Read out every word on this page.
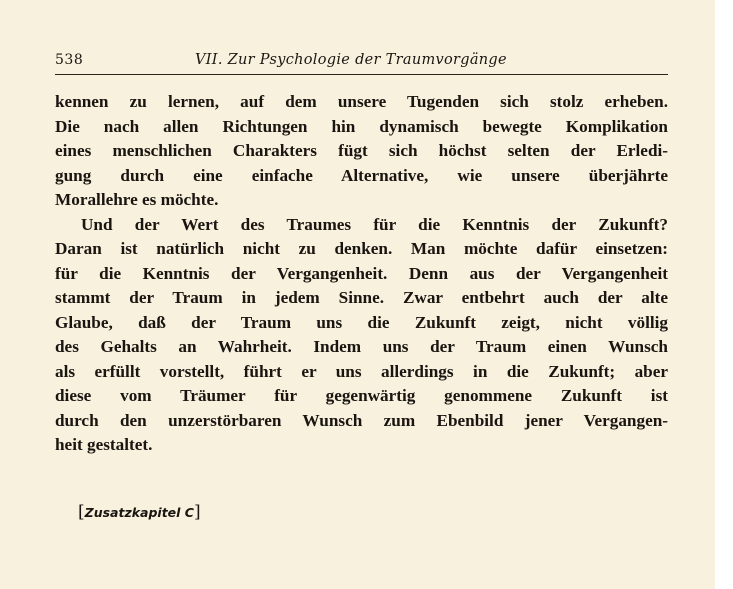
538	VII. Zur Psychologie der Traumvorgänge
kennen zu lernen, auf dem unsere Tugenden sich stolz erheben.
Die nach allen Richtungen hin dynamisch bewegte Komplikation
eines menschlichen Charakters fügt sich höchst selten der Erledi-
gung durch eine einfache Alternative, wie unsere überjährte
Morallehre es möchte.
Und der Wert des Traumes für die Kenntnis der Zukunft?
Daran ist natürlich nicht zu denken. Man möchte dafür einsetzen:
für die Kenntnis der Vergangenheit. Denn aus der Vergangenheit
stammt der Traum in jedem Sinne. Zwar entbehrt auch der alte
Glaube, daß der Traum uns die Zukunft zeigt, nicht völlig
des Gehalts an Wahrheit. Indem uns der Traum einen Wunsch
als erfüllt vorstellt, führt er uns allerdings in die Zukunft; aber
diese vom Träumer für gegenwärtig genommene Zukunft ist
durch den unzerstörbaren Wunsch zum Ebenbild jener Vergangen-
heit gestaltet.
[Zusatzkapitel C]
